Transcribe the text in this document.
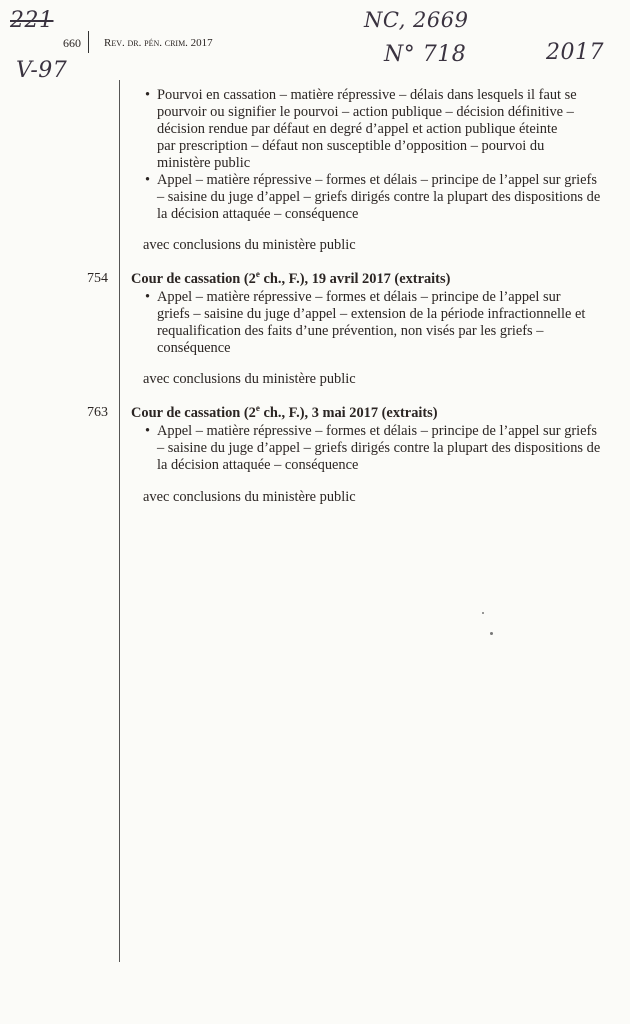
221	NC, 2669
V-97
N° 718	2017
660 Rev. dr. pén. crim. 2017
• Pourvoi en cassation – matière répressive – délais dans lesquels il faut se pourvoir ou signifier le pourvoi – action publique – décision définitive – décision rendue par défaut en degré d’appel et action publique éteinte par prescription – défaut non susceptible d’opposition – pourvoi du ministère public

• Appel – matière répressive – formes et délais – principe de l’appel sur griefs – saisine du juge d’appel – griefs dirigés contre la plupart des dispositions de la décision attaquée – conséquence

avec conclusions du ministère public
754 Cour de cassation (2e ch., F.), 19 avril 2017 (extraits)
• Appel – matière répressive – formes et délais – principe de l’appel sur griefs – saisine du juge d’appel – extension de la période infractionnelle et requalification des faits d’une prévention, non visés par les griefs – conséquence

avec conclusions du ministère public
763 Cour de cassation (2e ch., F.), 3 mai 2017 (extraits)
• Appel – matière répressive – formes et délais – principe de l’appel sur griefs – saisine du juge d’appel – griefs dirigés contre la plupart des dispositions de la décision attaquée – conséquence

avec conclusions du ministère public
